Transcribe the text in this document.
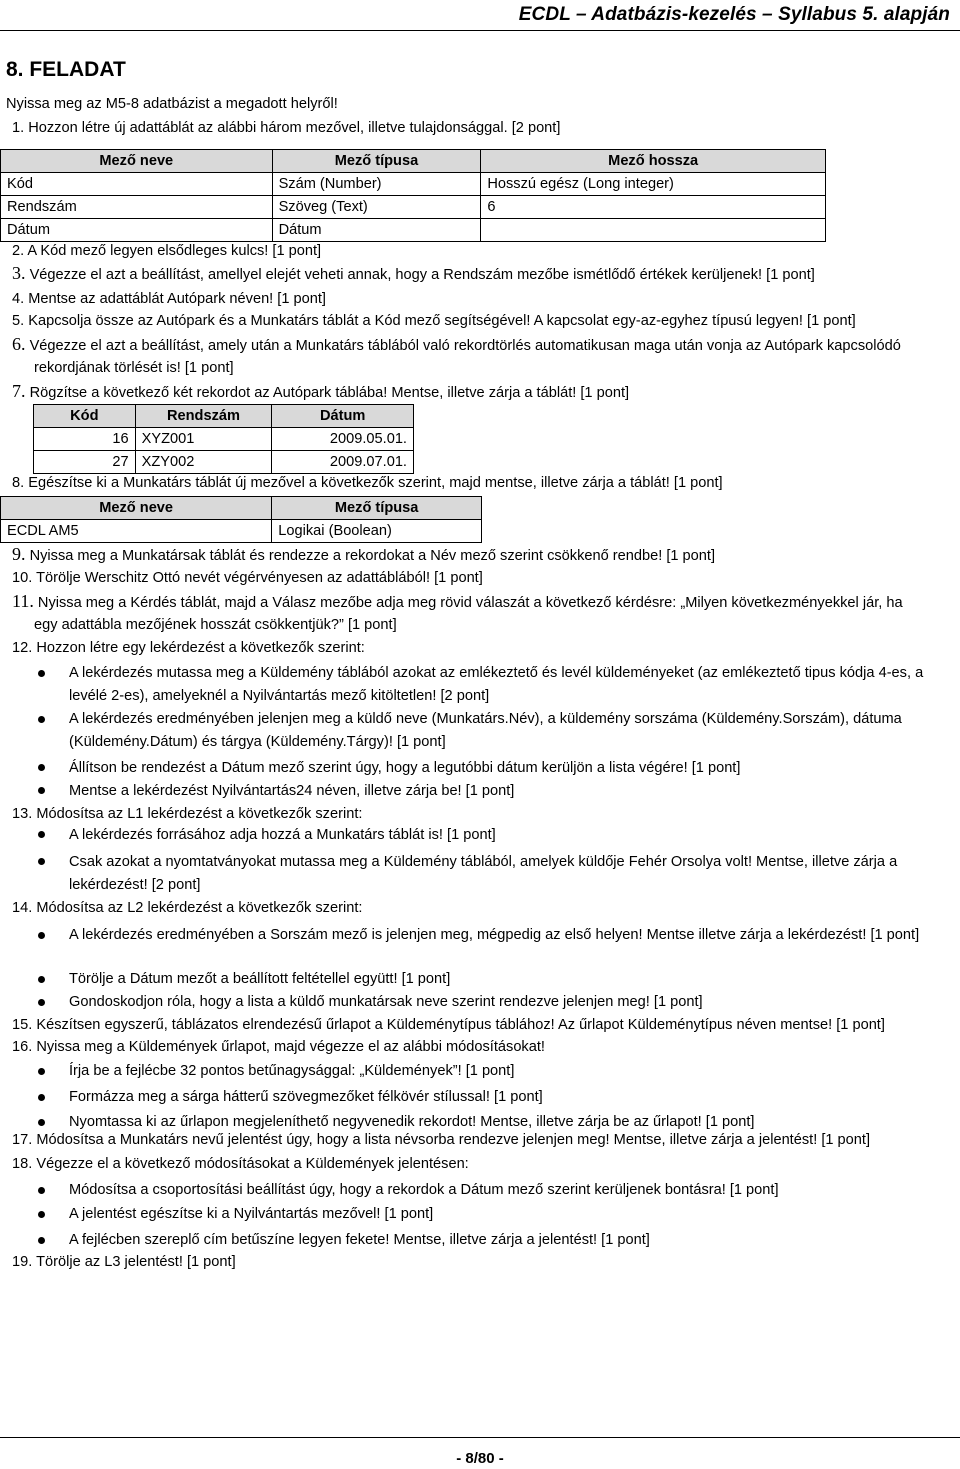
ECDL – Adatbázis-kezelés – Syllabus 5. alapján
8. FELADAT
Nyissa meg az M5-8 adatbázist a megadott helyről!
1. Hozzon létre új adattáblát az alábbi három mezővel, illetve tulajdonsággal. [2 pont]
Mező neve	Mező típusa	Mező hossza
Kód	Szám (Number)	Hosszú egész (Long integer)
Rendszám	Szöveg (Text)	6
Dátum	Dátum	
2. A Kód mező legyen elsődleges kulcs! [1 pont]
3. Végezze el azt a beállítást, amellyel elejét veheti annak, hogy a Rendszám mezőbe ismétlődő értékek kerüljenek! [1 pont]
4. Mentse az adattáblát Autópark néven! [1 pont]
5. Kapcsolja össze az Autópark és a Munkatárs táblát a Kód mező segítségével! A kapcsolat egy-az-egyhez típusú legyen! [1 pont]
6. Végezze el azt a beállítást, amely után a Munkatárs táblából való rekordtörlés automatikusan maga után vonja az Autópark kapcsolódó
rekordjának törlését is! [1 pont]
7. Rögzítse a következő két rekordot az Autópark táblába! Mentse, illetve zárja a táblát! [1 pont]
Kód	Rendszám	Dátum
16	XYZ001	2009.05.01.
27	XZY002	2009.07.01.
8. Egészítse ki a Munkatárs táblát új mezővel a következők szerint, majd mentse, illetve zárja a táblát! [1 pont]
Mező neve	Mező típusa
ECDL AM5	Logikai (Boolean)
9. Nyissa meg a Munkatársak táblát és rendezze a rekordokat a Név mező szerint csökkenő rendbe! [1 pont]
10. Törölje Werschitz Ottó nevét végérvényesen az adattáblából! [1 pont]
11. Nyissa meg a Kérdés táblát, majd a Válasz mezőbe adja meg rövid válaszát a következő kérdésre: „Milyen következményekkel jár, ha
egy adattábla mezőjének hosszát csökkentjük?” [1 pont]
12. Hozzon létre egy lekérdezést a következők szerint:
A lekérdezés mutassa meg a Küldemény táblából azokat az emlékeztető és levél küldeményeket (az emlékeztető tipus kódja 4-es, a levélé 2-es), amelyeknél a Nyilvántartás mező kitöltetlen! [2 pont]
A lekérdezés eredményében jelenjen meg a küldő neve (Munkatárs.Név), a küldemény sorszáma (Küldemény.Sorszám), dátuma (Küldemény.Dátum) és tárgya (Küldemény.Tárgy)! [1 pont]
Állítson be rendezést a Dátum mező szerint úgy, hogy a legutóbbi dátum kerüljön a lista végére! [1 pont]
Mentse a lekérdezést Nyilvántartás24 néven, illetve zárja be! [1 pont]
13. Módosítsa az L1 lekérdezést a következők szerint:
A lekérdezés forrásához adja hozzá a Munkatárs táblát is! [1 pont]
Csak azokat a nyomtatványokat mutassa meg a Küldemény táblából, amelyek küldője Fehér Orsolya volt! Mentse, illetve zárja a lekérdezést! [2 pont]
14. Módosítsa az L2 lekérdezést a következők szerint:
A lekérdezés eredményében a Sorszám mező is jelenjen meg, mégpedig az első helyen! Mentse illetve zárja a lekérdezést! [1 pont]
Törölje a Dátum mezőt a beállított feltétellel együtt! [1 pont]
Gondoskodjon róla, hogy a lista a küldő munkatársak neve szerint rendezve jelenjen meg! [1 pont]
15. Készítsen egyszerű, táblázatos elrendezésű űrlapot a Küldeménytípus táblához! Az űrlapot Küldeménytípus néven mentse! [1 pont]
16. Nyissa meg a Küldemények űrlapot, majd végezze el az alábbi módosításokat!
Írja be a fejlécbe 32 pontos betűnagysággal: „Küldemények”! [1 pont]
Formázza meg a sárga hátterű szövegmezőket félkövér stílussal! [1 pont]
Nyomtassa ki az űrlapon megjeleníthető negyvenedik rekordot! Mentse, illetve zárja be az űrlapot! [1 pont]
17. Módosítsa a Munkatárs nevű jelentést úgy, hogy a lista névsorba rendezve jelenjen meg! Mentse, illetve zárja a jelentést! [1 pont]
18. Végezze el a következő módosításokat a Küldemények jelentésen:
Módosítsa a csoportosítási beállítást úgy, hogy a rekordok a Dátum mező szerint kerüljenek bontásra! [1 pont]
A jelentést egészítse ki a Nyilvántartás mezővel! [1 pont]
A fejlécben szereplő cím betűszíne legyen fekete! Mentse, illetve zárja a jelentést! [1 pont]
19. Törölje az L3 jelentést! [1 pont]
- 8/80 -
